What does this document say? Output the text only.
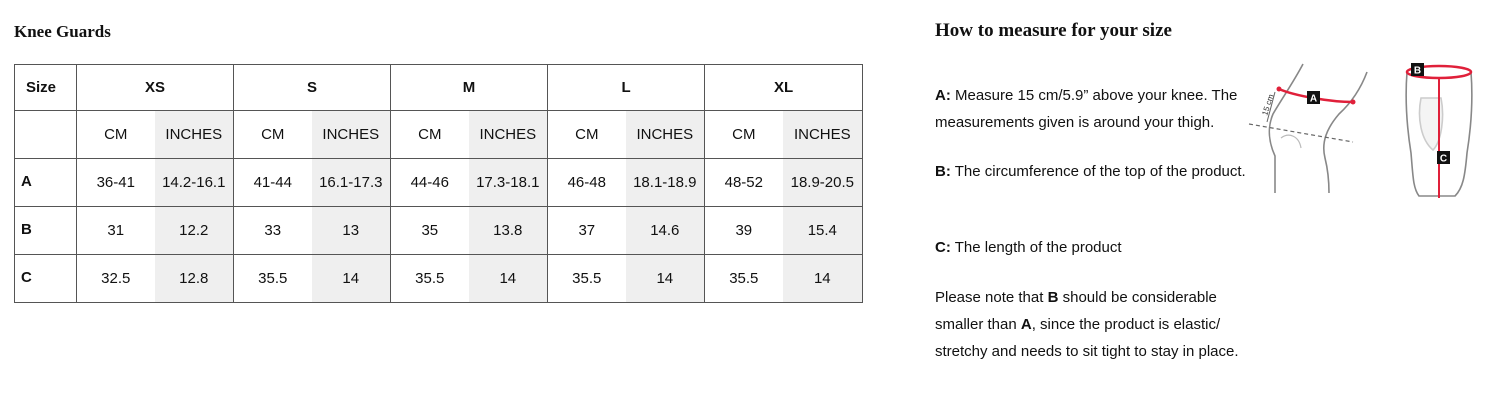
Knee Guards
Size	XS		S		M		L		XL	
	CM	INCHES	CM	INCHES	CM	INCHES	CM	INCHES	CM	INCHES
A	36-41	14.2-16.1	41-44	16.1-17.3	44-46	17.3-18.1	46-48	18.1-18.9	48-52	18.9-20.5
B	31	12.2	33	13	35	13.8	37	14.6	39	15.4
C	32.5	12.8	35.5	14	35.5	14	35.5	14	35.5	14
How to measure for your size

A: Measure 15 cm/5.9” above your knee. The measurements given is around your thigh.

B: The circumference of the top of the product.

C: The length of the product

Please note that B should be considerable smaller than A, since the product is elastic/ stretchy and needs to sit tight to stay in place.

15 cm	A
B
C
